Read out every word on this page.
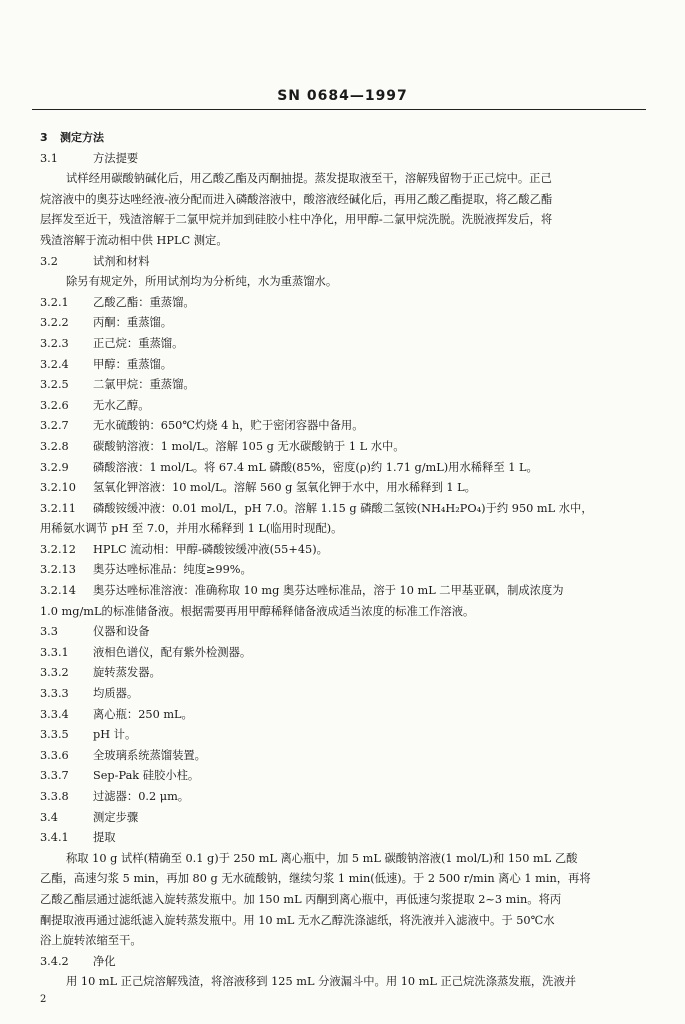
SN 0684—1997
3 测定方法
3.1	方法提要
试样经用碳酸钠碱化后，用乙酸乙酯及丙酮抽提。蒸发提取液至干，溶解残留物于正己烷中。正己
烷溶液中的奥芬达唑经液-液分配而进入磷酸溶液中，酸溶液经碱化后，再用乙酸乙酯提取，将乙酸乙酯
层挥发至近干，残渣溶解于二氯甲烷并加到硅胶小柱中净化，用甲醇-二氯甲烷洗脱。洗脱液挥发后，将
残渣溶解于流动相中供 HPLC 测定。
3.2	试剂和材料
除另有规定外，所用试剂均为分析纯，水为重蒸馏水。
3.2.1	乙酸乙酯：重蒸馏。
3.2.2	丙酮：重蒸馏。
3.2.3	正己烷：重蒸馏。
3.2.4	甲醇：重蒸馏。
3.2.5	二氯甲烷：重蒸馏。
3.2.6	无水乙醇。
3.2.7	无水硫酸钠：650℃灼烧 4 h，贮于密闭容器中备用。
3.2.8	碳酸钠溶液：1 mol/L。溶解 105 g 无水碳酸钠于 1 L 水中。
3.2.9	磷酸溶液：1 mol/L。将 67.4 mL 磷酸(85%，密度(ρ)约 1.71 g/mL)用水稀释至 1 L。
3.2.10	氢氧化钾溶液：10 mol/L。溶解 560 g 氢氧化钾于水中，用水稀释到 1 L。
3.2.11	磷酸铵缓冲液：0.01 mol/L，pH 7.0。溶解 1.15 g 磷酸二氢铵(NH₄H₂PO₄)于约 950 mL 水中，
用稀氨水调节 pH 至 7.0，并用水稀释到 1 L(临用时现配)。
3.2.12	HPLC 流动相：甲醇-磷酸铵缓冲液(55+45)。
3.2.13	奥芬达唑标准品：纯度≥99%。
3.2.14	奥芬达唑标准溶液：准确称取 10 mg 奥芬达唑标准品，溶于 10 mL 二甲基亚砜，制成浓度为
1.0 mg/mL的标准储备液。根据需要再用甲醇稀释储备液成适当浓度的标准工作溶液。
3.3	仪器和设备
3.3.1	液相色谱仪，配有紫外检测器。
3.3.2	旋转蒸发器。
3.3.3	均质器。
3.3.4	离心瓶：250 mL。
3.3.5	pH 计。
3.3.6	全玻璃系统蒸馏装置。
3.3.7	Sep-Pak 硅胶小柱。
3.3.8	过滤器：0.2 μm。
3.4	测定步骤
3.4.1	提取
称取 10 g 试样(精确至 0.1 g)于 250 mL 离心瓶中，加 5 mL 碳酸钠溶液(1 mol/L)和 150 mL 乙酸
乙酯，高速匀浆 5 min，再加 80 g 无水硫酸钠，继续匀浆 1 min(低速)。于 2 500 r/min 离心 1 min，再将
乙酸乙酯层通过滤纸滤入旋转蒸发瓶中。加 150 mL 丙酮到离心瓶中，再低速匀浆提取 2~3 min。将丙
酮提取液再通过滤纸滤入旋转蒸发瓶中。用 10 mL 无水乙醇洗涤滤纸，将洗液并入滤液中。于 50℃水
浴上旋转浓缩至干。
3.4.2	净化
用 10 mL 正己烷溶解残渣，将溶液移到 125 mL 分液漏斗中。用 10 mL 正己烷洗涤蒸发瓶，洗液并
2
